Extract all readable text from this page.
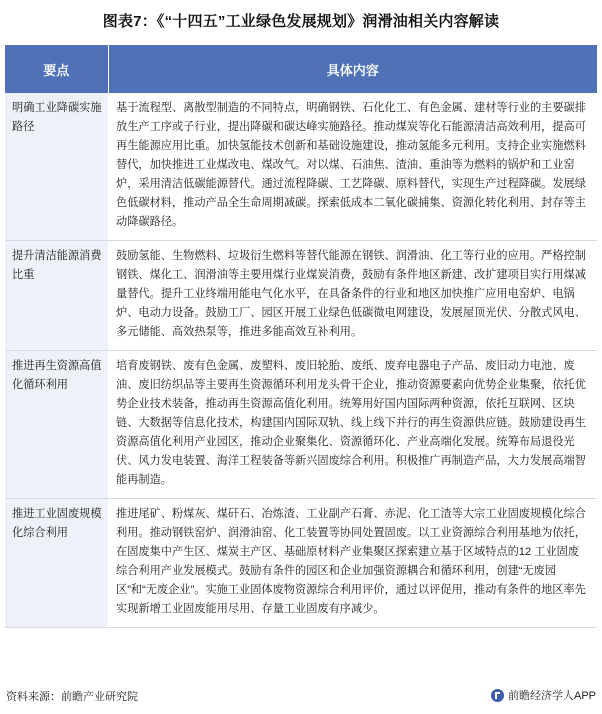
图表7：《“十四五”工业绿色发展规划》润滑油相关内容解读
要点	具体内容
明确工业降碳实施路径	基于流程型、离散型制造的不同特点，明确钢铁、石化化工、有色金属、建材等行业的主要碳排放生产工序或子行业，提出降碳和碳达峰实施路径。推动煤炭等化石能源清洁高效利用，提高可再生能源应用比重。加快氢能技术创新和基础设施建设，推动氢能多元利用。支持企业实施燃料替代，加快推进工业煤改电、煤改气。对以煤、石油焦、渣油、重油等为燃料的锅炉和工业窑炉，采用清洁低碳能源替代。通过流程降碳、工艺降碳、原料替代，实现生产过程降碳。发展绿色低碳材料，推动产品全生命周期减碳。探索低成本二氧化碳捕集、资源化转化利用、封存等主动降碳路径。
提升清洁能源消费比重	鼓励氢能、生物燃料、垃圾衍生燃料等替代能源在钢铁、润滑油、化工等行业的应用。严格控制钢铁、煤化工、润滑油等主要用煤行业煤炭消费，鼓励有条件地区新建、改扩建项目实行用煤减量替代。提升工业终端用能电气化水平，在具备条件的行业和地区加快推广应用电窑炉、电锅炉、电动力设备。鼓励工厂、园区开展工业绿色低碳微电网建设，发展屋顶光伏、分散式风电、多元储能、高效热泵等，推进多能高效互补利用。
推进再生资源高值化循环利用	培育废钢铁、废有色金属、废塑料、废旧轮胎、废纸、废弃电器电子产品、废旧动力电池、废油、废旧纺织品等主要再生资源循环利用龙头骨干企业，推动资源要素向优势企业集聚，依托优势企业技术装备，推动再生资源高值化利用。统筹用好国内国际两种资源，依托互联网、区块链、大数据等信息化技术，构建国内国际双轨、线上线下并行的再生资源供应链。鼓励建设再生资源高值化利用产业园区，推动企业聚集化、资源循环化、产业高端化发展。统筹布局退役光伏、风力发电装置、海洋工程装备等新兴固废综合利用。积极推广再制造产品，大力发展高端智能再制造。
推进工业固废规模化综合利用	推进尾矿、粉煤灰、煤矸石、冶炼渣、工业副产石膏、赤泥、化工渣等大宗工业固废规模化综合利用。推动钢铁窑炉、润滑油窑、化工装置等协同处置固废。以工业资源综合利用基地为依托，在固废集中产生区、煤炭主产区、基础原材料产业集聚区探索建立基于区域特点的12 工业固废综合利用产业发展模式。鼓励有条件的园区和企业加强资源耦合和循环利用，创建“无废园区”和“无废企业”。实施工业固体废物资源综合利用评价，通过以评促用，推动有条件的地区率先实现新增工业固废能用尽用、存量工业固废有序减少。
资料来源：前瞻产业研究院	前瞻经济学人APP
